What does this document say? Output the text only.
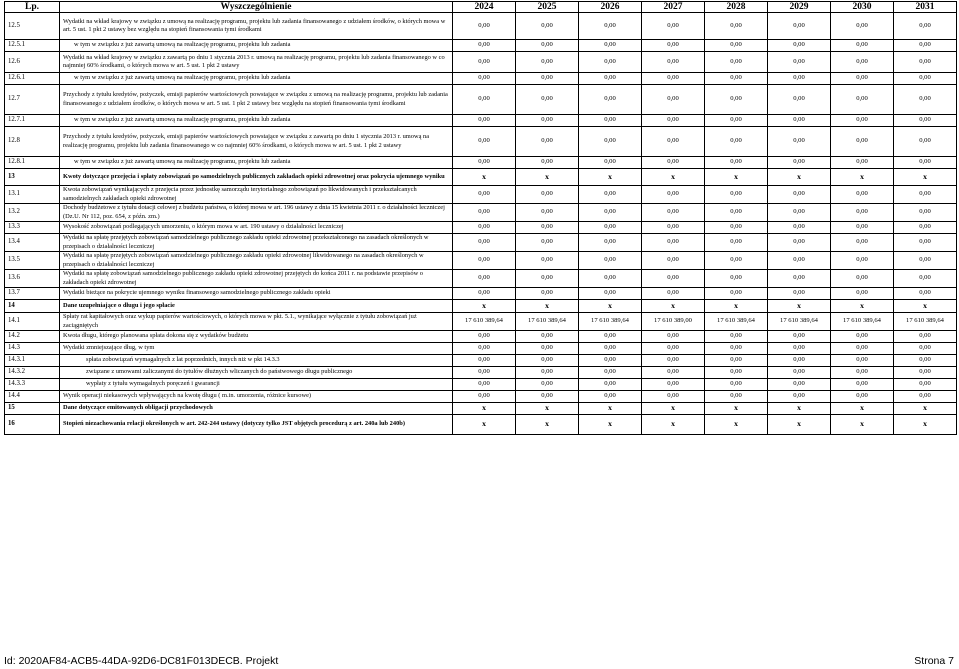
Lp.	Wyszczególnienie	2024	2025	2026	2027	2028	2029	2030	2031
12.5	Wydatki na wkład krajowy w związku z umową na realizację programu, projektu lub zadania finansowanego z udziałem środków, o których mowa w art. 5 ust. 1 pkt 2 ustawy bez względu na stopień finansowania tymi środkami	0,00	0,00	0,00	0,00	0,00	0,00	0,00	0,00
12.5.1	w tym w związku z już zawartą umową na realizację programu, projektu lub zadania	0,00	0,00	0,00	0,00	0,00	0,00	0,00	0,00
12.6	Wydatki na wkład krajowy w związku z zawartą po dniu 1 stycznia 2013 r. umową na realizację programu, projektu lub zadania finansowanego w co najmniej 60% środkami, o których mowa w art. 5 ust. 1 pkt 2 ustawy	0,00	0,00	0,00	0,00	0,00	0,00	0,00	0,00
12.6.1	w tym w związku z już zawartą umową na realizację programu, projektu lub zadania	0,00	0,00	0,00	0,00	0,00	0,00	0,00	0,00
12.7	Przychody z tytułu kredytów, pożyczek, emisji papierów wartościowych powstające w związku z umową na realizację programu, projektu lub zadania finansowanego z udziałem środków, o których mowa w art. 5 ust. 1 pkt 2 ustawy bez względu na stopień finansowania tymi środkami	0,00	0,00	0,00	0,00	0,00	0,00	0,00	0,00
12.7.1	w tym w związku z już zawartą umową na realizację programu, projektu lub zadania	0,00	0,00	0,00	0,00	0,00	0,00	0,00	0,00
12.8	Przychody z tytułu kredytów, pożyczek, emisji papierów wartościowych powstające w związku z zawartą po dniu 1 stycznia 2013 r. umową na realizację programu, projektu lub zadania finansowanego w co najmniej 60% środkami, o których mowa w art. 5 ust. 1 pkt 2 ustawy	0,00	0,00	0,00	0,00	0,00	0,00	0,00	0,00
12.8.1	w tym w związku z już zawartą umową na realizację programu, projektu lub zadania	0,00	0,00	0,00	0,00	0,00	0,00	0,00	0,00
13	Kwoty dotyczące przejęcia i spłaty zobowiązań po samodzielnych publicznych zakładach opieki zdrowotnej oraz pokrycia ujemnego wyniku	x	x	x	x	x	x	x	x
13.1	Kwota zobowiązań wynikających z przejęcia przez jednostkę samorządu terytorialnego zobowiązań po likwidowanych i przekształcanych samodzielnych zakładach opieki zdrowotnej	0,00	0,00	0,00	0,00	0,00	0,00	0,00	0,00
13.2	Dochody budżetowe z tytułu dotacji celowej z budżetu państwa, o której mowa w art. 196 ustawy z dnia 15 kwietnia 2011 r. o działalności leczniczej (Dz.U. Nr 112, poz. 654, z późn. zm.)	0,00	0,00	0,00	0,00	0,00	0,00	0,00	0,00
13.3	Wysokość zobowiązań podlegających umorzeniu, o którym mowa w art. 190 ustawy o działalności leczniczej	0,00	0,00	0,00	0,00	0,00	0,00	0,00	0,00
13.4	Wydatki na spłatę przejętych zobowiązań samodzielnego publicznego zakładu opieki zdrowotnej przekształconego na zasadach określonych w przepisach o działalności leczniczej	0,00	0,00	0,00	0,00	0,00	0,00	0,00	0,00
13.5	Wydatki na spłatę przejętych zobowiązań samodzielnego publicznego zakładu opieki zdrowotnej likwidowanego na zasadach określonych w przepisach o działalności leczniczej	0,00	0,00	0,00	0,00	0,00	0,00	0,00	0,00
13.6	Wydatki na spłatę zobowiązań samodzielnego publicznego zakładu opieki zdrowotnej przejętych do końca 2011 r. na podstawie przepisów o zakładach opieki zdrowotnej	0,00	0,00	0,00	0,00	0,00	0,00	0,00	0,00
13.7	Wydatki bieżące na pokrycie ujemnego wyniku finansowego samodzielnego publicznego zakładu opieki	0,00	0,00	0,00	0,00	0,00	0,00	0,00	0,00
14	Dane uzupełniające o długu i jego spłacie	x	x	x	x	x	x	x	x
14.1	Spłaty rat kapitałowych oraz wykup papierów wartościowych, o których mowa w pkt. 5.1., wynikające wyłącznie z tytułu zobowiązań już zaciągniętych	17 610 389,64	17 610 389,64	17 610 389,64	17 610 389,00	17 610 389,64	17 610 389,64	17 610 389,64	17 610 389,64
14.2	Kwota długu, którego planowana spłata dokona się z wydatków budżetu	0,00	0,00	0,00	0,00	0,00	0,00	0,00	0,00
14.3	Wydatki zmniejszające dług, w tym	0,00	0,00	0,00	0,00	0,00	0,00	0,00	0,00
14.3.1	spłata zobowiązań wymagalnych z lat poprzednich, innych niż w pkt 14.3.3	0,00	0,00	0,00	0,00	0,00	0,00	0,00	0,00
14.3.2	związane z umowami zaliczanymi do tytułów dłużnych wliczanych do państwowego długu publicznego	0,00	0,00	0,00	0,00	0,00	0,00	0,00	0,00
14.3.3	wypłaty z tytułu wymagalnych poręczeń i gwarancji	0,00	0,00	0,00	0,00	0,00	0,00	0,00	0,00
14.4	Wynik operacji niekasowych wpływających na kwotę długu ( m.in. umorzenia, różnice kursowe)	0,00	0,00	0,00	0,00	0,00	0,00	0,00	0,00
15	Dane dotyczące emitowanych obligacji przychodowych	x	x	x	x	x	x	x	x
16	Stopień niezachowania relacji określonych w art. 242-244 ustawy (dotyczy tylko JST objętych procedurą z art. 240a lub 240b)	x	x	x	x	x	x	x	x
Id: 2020AF84-ACB5-44DA-92D6-DC81F013DECB. Projekt	Strona 7
